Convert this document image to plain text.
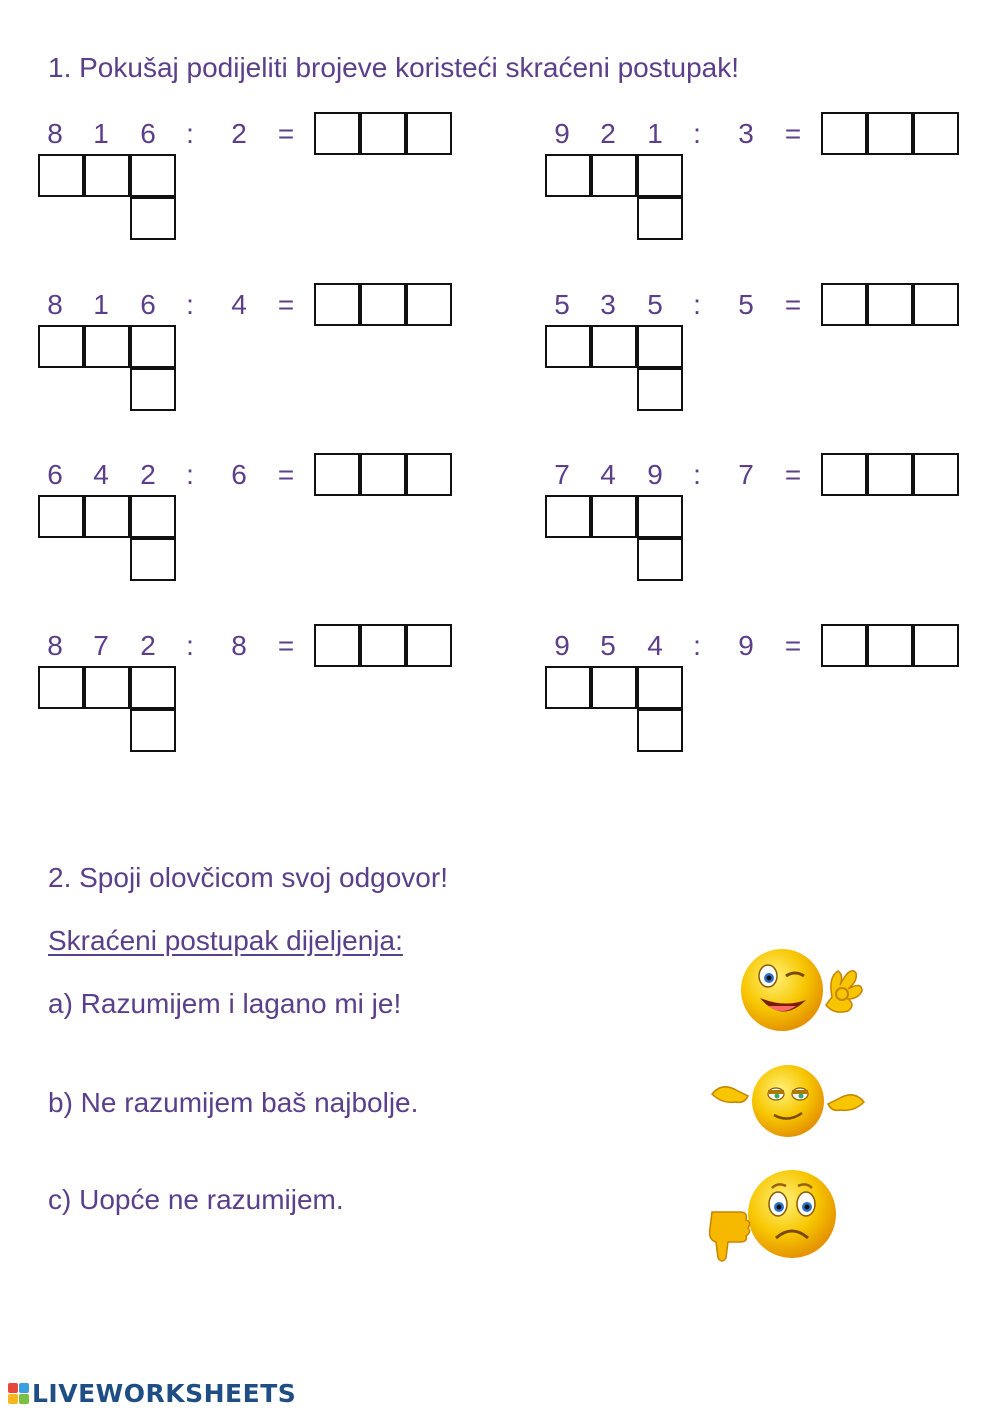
1. Pokušaj podijeliti brojeve koristeći skraćeni postupak!
8 1 6	:	2 =	9 2 1	:	3 =
8 1 6	:	4 =	5 3 5	:	5 =
6 4 2	:	6 =	7 4 9	:	7 =
8 7 2	:	8 =	9 5 4	:	9 =
2. Spoji olovčicom svoj odgovor!
Skraćeni postupak dijeljenja:
a) Razumijem i lagano mi je!
b) Ne razumijem baš najbolje.
c) Uopće ne razumijem.
LIVEWORKSHEETS
